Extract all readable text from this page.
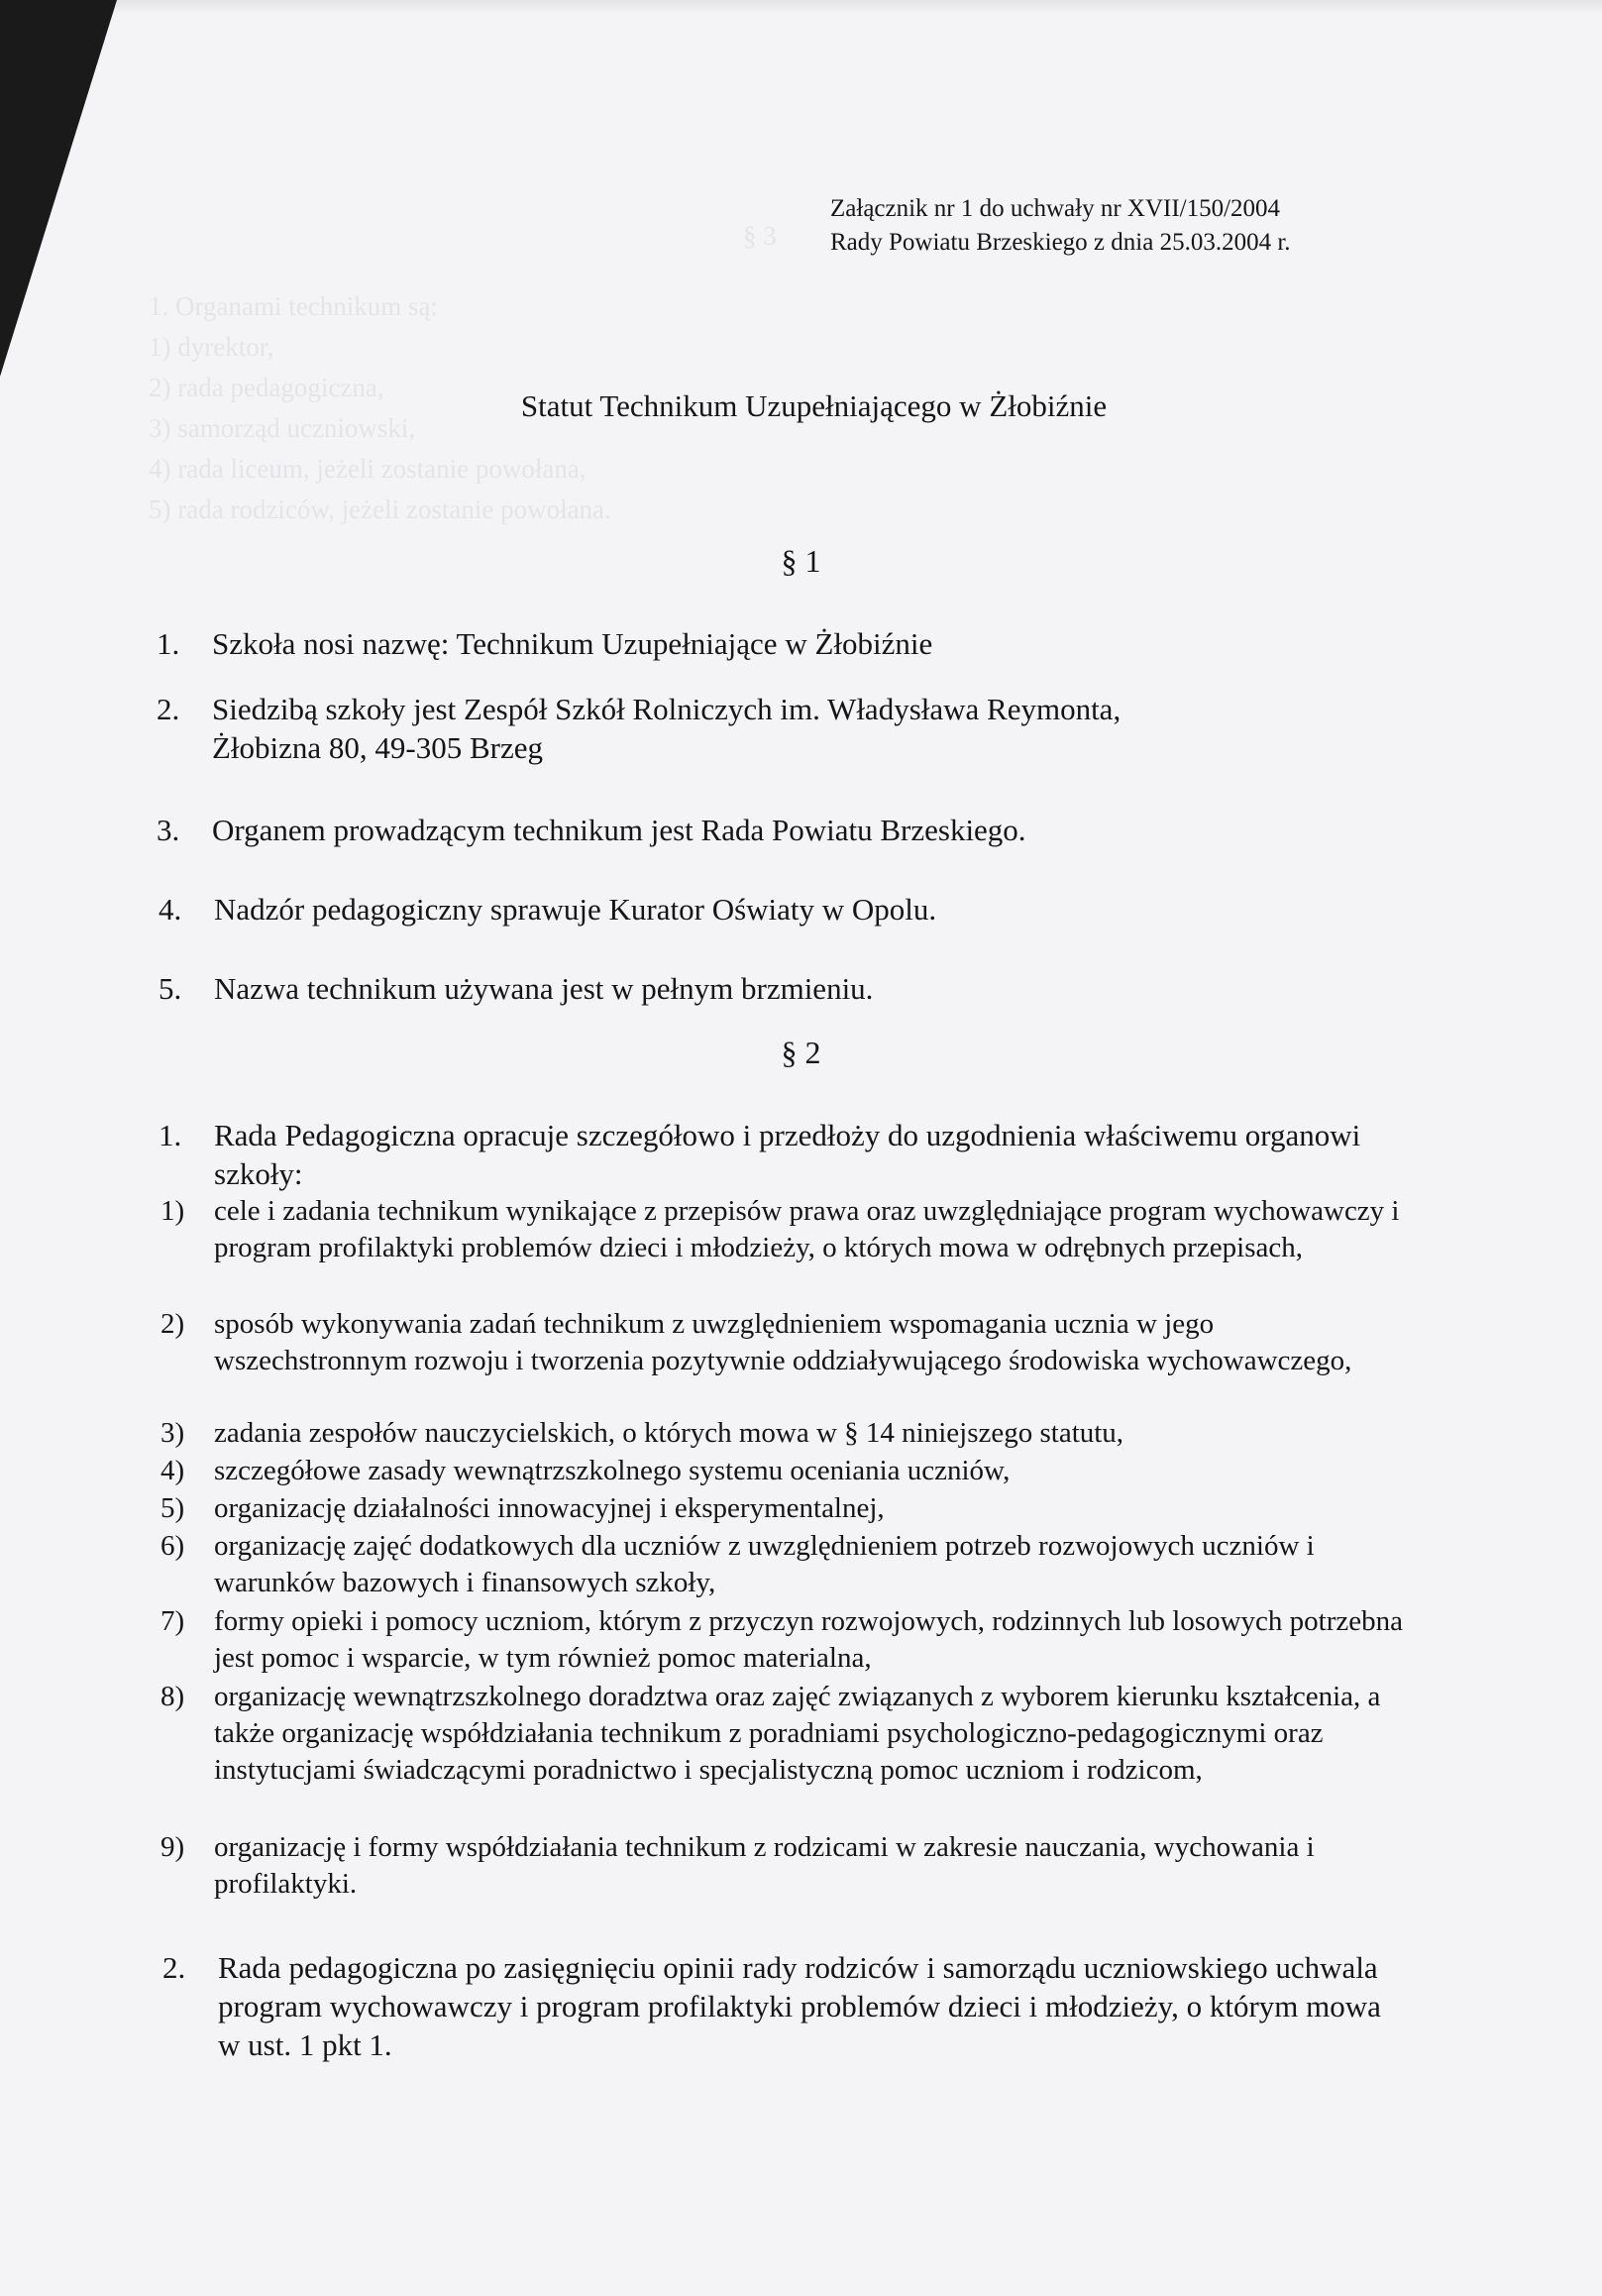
§ 3

1. Organami technikum są:

1) dyrektor,

2) rada pedagogiczna,

3) samorząd uczniowski,

4) rada liceum, jeżeli zostanie powołana,

5) rada rodziców, jeżeli zostanie powołana.

Załącznik nr 1 do uchwały nr XVII/150/2004
Rady Powiatu Brzeskiego z dnia 25.03.2004 r.
Statut Technikum Uzupełniającego w Żłobiźnie
§ 1
1. Szkoła nosi nazwę: Technikum Uzupełniające w Żłobiźnie
2. Siedzibą szkoły jest Zespół Szkół Rolniczych im. Władysława Reymonta, Żłobizna 80, 49-305 Brzeg
3. Organem prowadzącym technikum jest Rada Powiatu Brzeskiego.
4. Nadzór pedagogiczny sprawuje Kurator Oświaty w Opolu.
5. Nazwa technikum używana jest w pełnym brzmieniu.
§ 2
1. Rada Pedagogiczna opracuje szczegółowo i przedłoży do uzgodnienia właściwemu organowi szkoły:
1) cele i zadania technikum wynikające z przepisów prawa oraz uwzględniające program wychowawczy i program profilaktyki problemów dzieci i młodzieży, o których mowa w odrębnych przepisach,
2) sposób wykonywania zadań technikum z uwzględnieniem wspomagania ucznia w jego wszechstronnym rozwoju i tworzenia pozytywnie oddziaływującego środowiska wychowawczego,
3) zadania zespołów nauczycielskich, o których mowa w § 14 niniejszego statutu,
4) szczegółowe zasady wewnątrzszkolnego systemu oceniania uczniów,
5) organizację działalności innowacyjnej i eksperymentalnej,
6) organizację zajęć dodatkowych dla uczniów z uwzględnieniem potrzeb rozwojowych uczniów i warunków bazowych i finansowych szkoły,
7) formy opieki i pomocy uczniom, którym z przyczyn rozwojowych, rodzinnych lub losowych potrzebna jest pomoc i wsparcie, w tym również pomoc materialna,
8) organizację wewnątrzszkolnego doradztwa oraz zajęć związanych z wyborem kierunku kształcenia, a także organizację współdziałania technikum z poradniami psychologiczno-pedagogicznymi oraz instytucjami świadczącymi poradnictwo i specjalistyczną pomoc uczniom i rodzicom,
9) organizację i formy współdziałania technikum z rodzicami w zakresie nauczania, wychowania i profilaktyki.
2. Rada pedagogiczna po zasięgnięciu opinii rady rodziców i samorządu uczniowskiego uchwala program wychowawczy i program profilaktyki problemów dzieci i młodzieży, o którym mowa w ust. 1 pkt 1.
